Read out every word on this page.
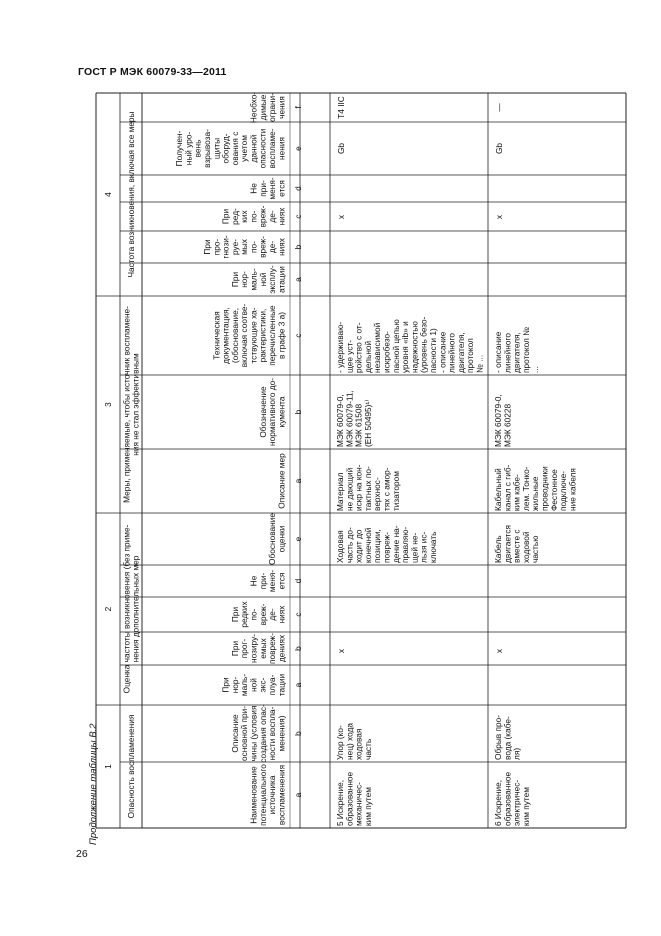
ГОСТ Р МЭК 60079-33—2011
26
Продолжение таблицы В.2 1
2
3
4
Опасность воспламенения
Оценка частоты возникновения (без приме-нения дополнительных мер
Меры, применяемые, чтобы источник воспламене-ния не стал эффективным
Частота возникновения, включая все меры
a
Наименованиепотенциальногоисточникавоспламенения
b
Описаниеосновной при-чины (условиясоздания опас-ности воспла-менения)
a
Принор-маль-нойэкс-плуа-тации
b
Припрог-нозиру-емыхповреж-дениях
c
Приредкихпо-вреж-де-ниях
d
Непри-меня-ется
e
Обоснованиеоценки
a
Описание мер
b
Обозначениенормативного до-кумента
c
Техническаядокументация,(обоснование,включая соотве-тствующие ха-рактеристики,перечисленныев графе 3 а)
a
Принор-маль-нойэксплу-атации
b
Припро-гнози-руе-мыхпо-вреж-де-ниях
c
Приред-кихпо-вреж-де-ниях
d
Непри-меня-ется
e
Получен-ный уро-веньвзрывоза-щитыоборуд-ования сучетомданнойопасностивоспламе-нения
f
Необхо-димыеограни-чения
5 Искрение,образованноемеханичес-ким путем
Упор (ко-нец) ходаходоваячасть
x
Ходоваячасть до-ходит доконечнойпозиции,повреж-дение на-правляю-щей не-льзя ис-ключать
Материалне дающийискр на кон-тактных по-верхнос-тях с амор-тизатором
МЭК 60079-0,МЭК 60079-11,МЭК 61508(ЕН 50495)¹⁾
- удерживаю-щее уст-ройство с от-дельнойнезависимойискробезо-пасной цепьюуровня «ib» инадежностью(уровень безо-пасности 1)- описаниелинейногодвигателя,протокол№ ...
x
Gb
T4 IIC
6 Искрение,образованноеэлектричес-ким путем
Обрыв про-вода (кабе-ля)
x
Кабельдвигаетсявместе сходовойчастью
Кабельныйканал с гиб-ким кабе-лем. Тонко-жильныепроводникиФестонноеподключе-ние кабеля
МЭК 60079-0,МЭК 60228
- описаниелинейногодвигателя,протокол №...
x
Gb
—
